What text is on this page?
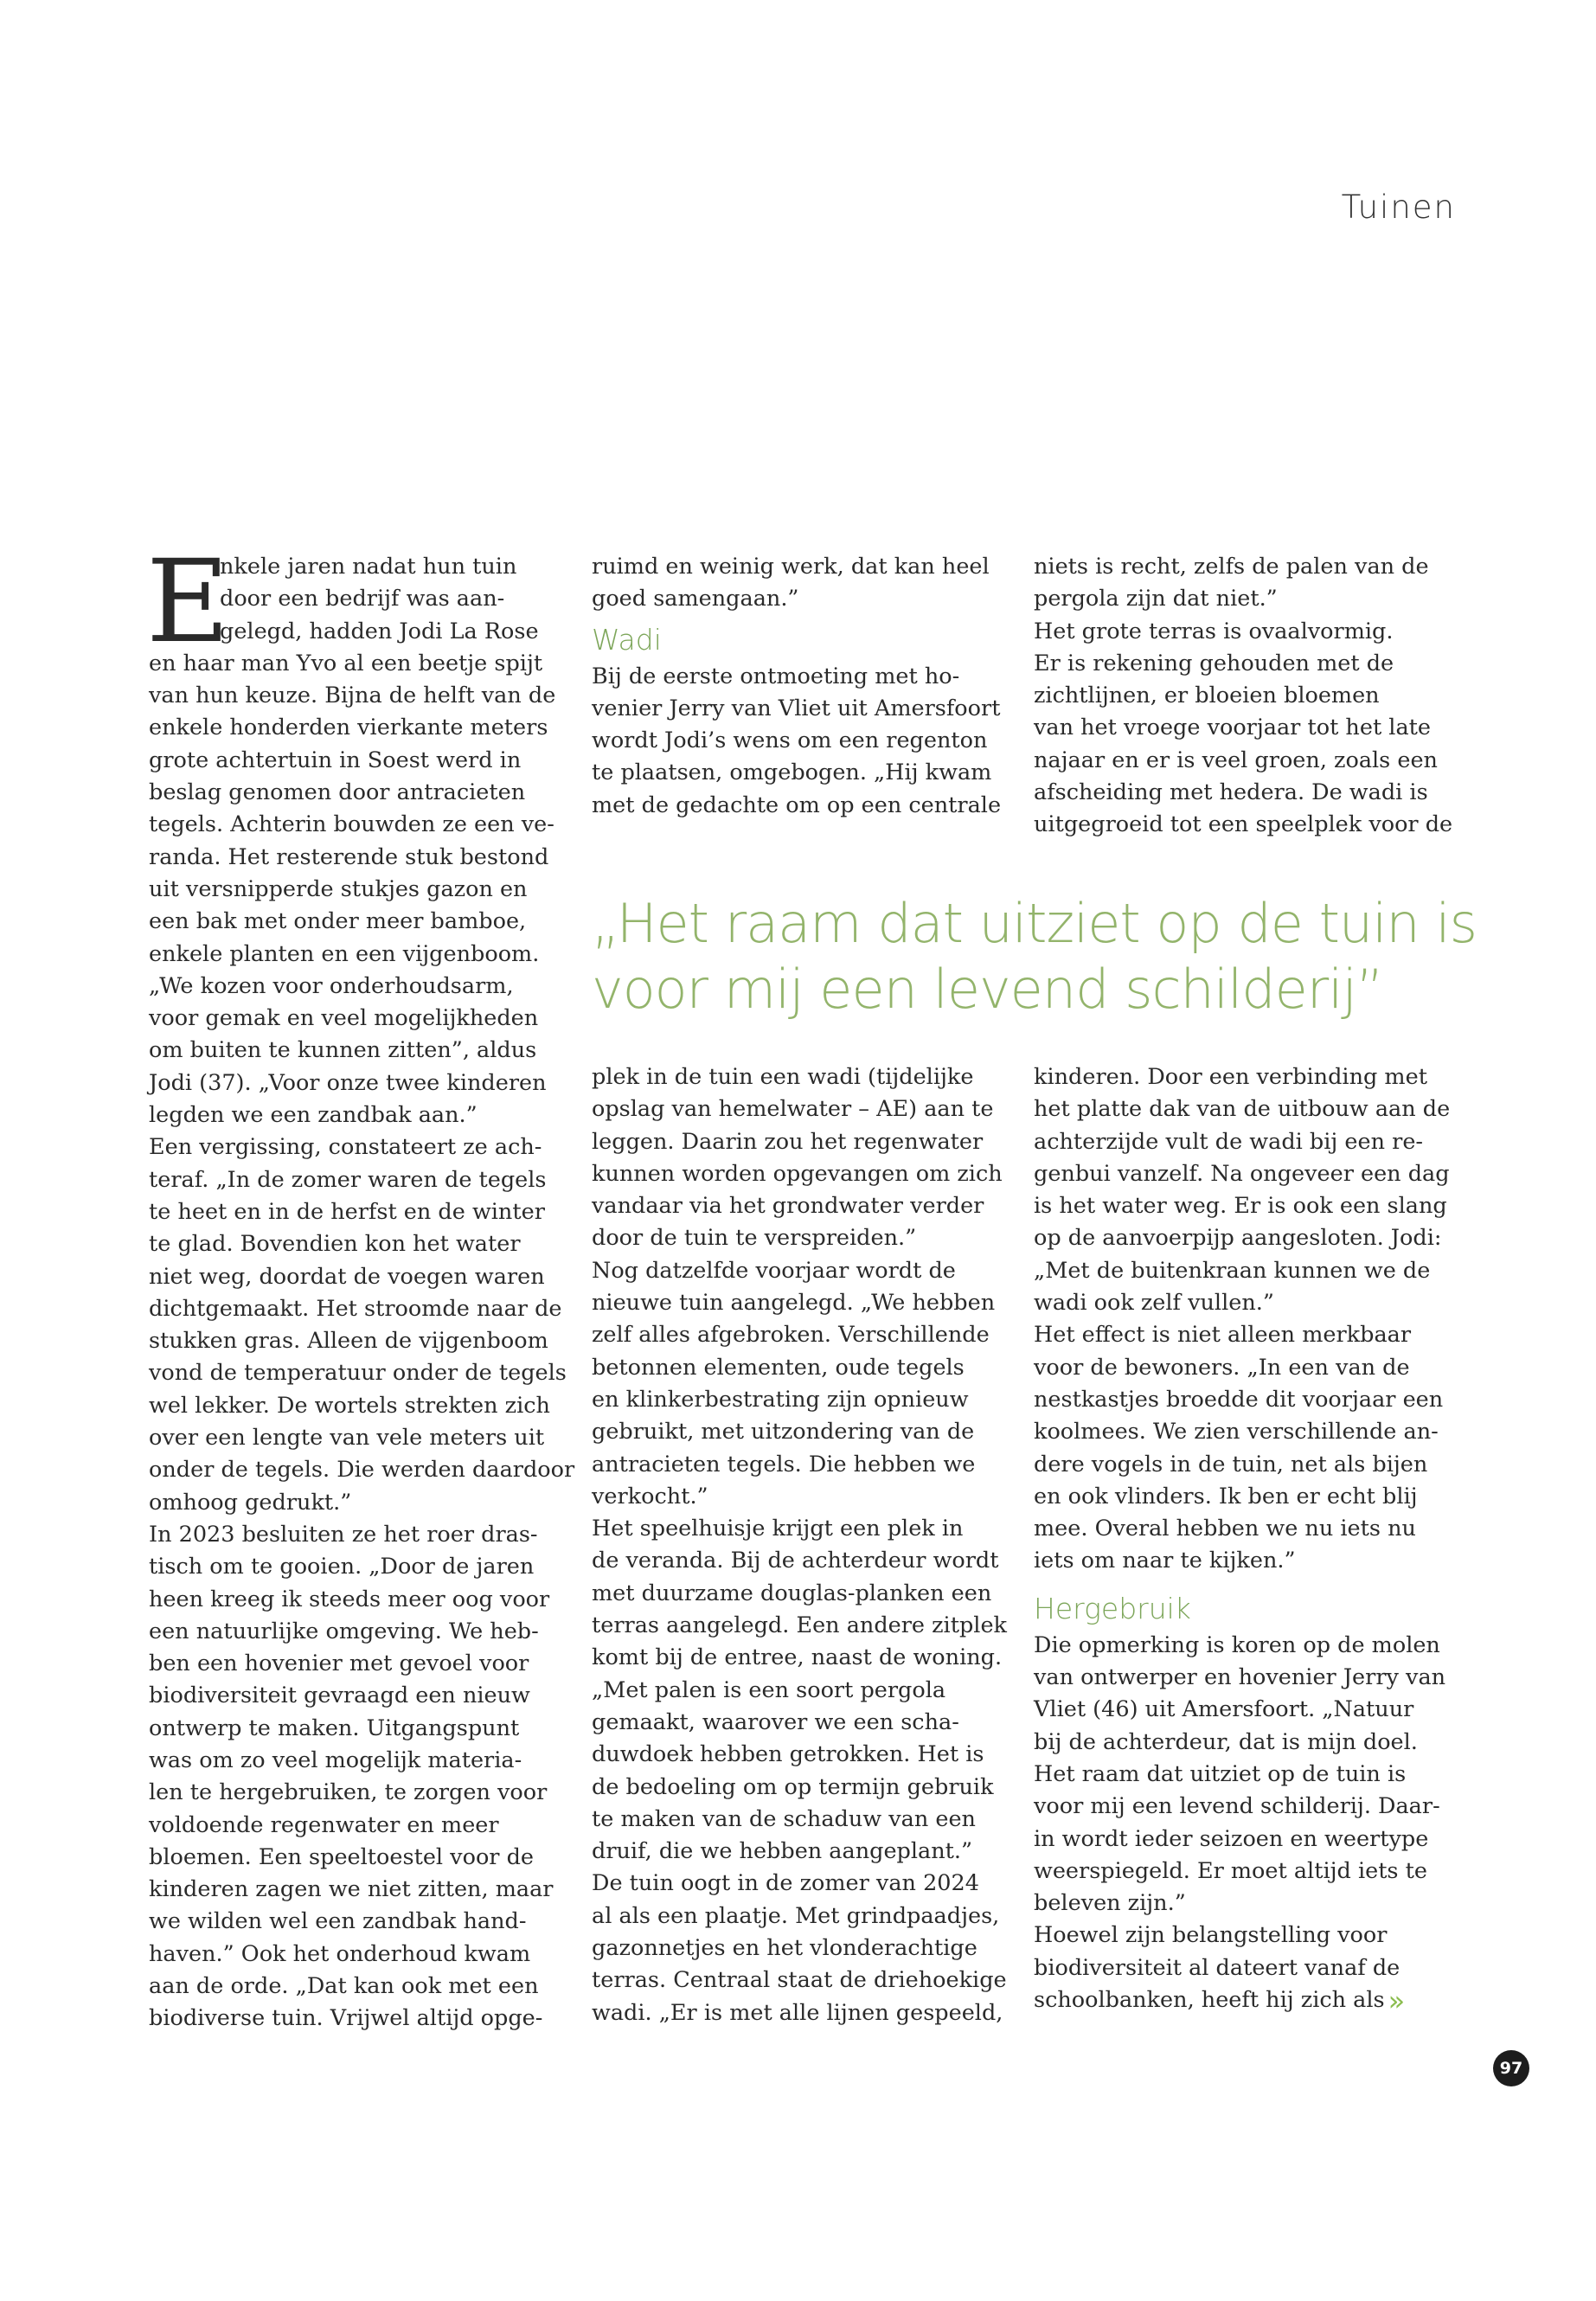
Tuinen
E
nkele jaren nadat hun tuin
door een bedrijf was aan-
gelegd, hadden Jodi La Rose
en haar man Yvo al een beetje spijt
van hun keuze. Bijna de helft van de
enkele honderden vierkante meters
grote achtertuin in Soest werd in
beslag genomen door antracieten
tegels. Achterin bouwden ze een ve-
randa. Het resterende stuk bestond
uit versnipperde stukjes gazon en
een bak met onder meer bamboe,
enkele planten en een vijgenboom.
„We kozen voor onderhoudsarm,
voor gemak en veel mogelijkheden
om buiten te kunnen zitten”, aldus
Jodi (37). „Voor onze twee kinderen
legden we een zandbak aan.”
Een vergissing, constateert ze ach-
teraf. „In de zomer waren de tegels
te heet en in de herfst en de winter
te glad. Bovendien kon het water
niet weg, doordat de voegen waren
dichtgemaakt. Het stroomde naar de
stukken gras. Alleen de vijgenboom
vond de temperatuur onder de tegels
wel lekker. De wortels strekten zich
over een lengte van vele meters uit
onder de tegels. Die werden daardoor
omhoog gedrukt.”
In 2023 besluiten ze het roer dras-
tisch om te gooien. „Door de jaren
heen kreeg ik steeds meer oog voor
een natuurlijke omgeving. We heb-
ben een hovenier met gevoel voor
biodiversiteit gevraagd een nieuw
ontwerp te maken. Uitgangspunt
was om zo veel mogelijk materia-
len te hergebruiken, te zorgen voor
voldoende regenwater en meer
bloemen. Een speeltoestel voor de
kinderen zagen we niet zitten, maar
we wilden wel een zandbak hand-
haven.” Ook het onderhoud kwam
aan de orde. „Dat kan ook met een
biodiverse tuin. Vrijwel altijd opge-
ruimd en weinig werk, dat kan heel
goed samengaan.”
Wadi
Bij de eerste ontmoeting met ho-
venier Jerry van Vliet uit Amersfoort
wordt Jodi’s wens om een regenton
te plaatsen, omgebogen. „Hij kwam
met de gedachte om op een centrale
niets is recht, zelfs de palen van de
pergola zijn dat niet.”
Het grote terras is ovaalvormig.
Er is rekening gehouden met de
zichtlijnen, er bloeien bloemen
van het vroege voorjaar tot het late
najaar en er is veel groen, zoals een
afscheiding met hedera. De wadi is
uitgegroeid tot een speelplek voor de
„Het raam dat uitziet op de tuin is
voor mij een levend schilderij”
plek in de tuin een wadi (tijdelijke
opslag van hemelwater – AE) aan te
leggen. Daarin zou het regenwater
kunnen worden opgevangen om zich
vandaar via het grondwater verder
door de tuin te verspreiden.”
Nog datzelfde voorjaar wordt de
nieuwe tuin aangelegd. „We hebben
zelf alles afgebroken. Verschillende
betonnen elementen, oude tegels
en klinkerbestrating zijn opnieuw
gebruikt, met uitzondering van de
antracieten tegels. Die hebben we
verkocht.”
Het speelhuisje krijgt een plek in
de veranda. Bij de achterdeur wordt
met duurzame douglas-planken een
terras aangelegd. Een andere zitplek
komt bij de entree, naast de woning.
„Met palen is een soort pergola
gemaakt, waarover we een scha-
duwdoek hebben getrokken. Het is
de bedoeling om op termijn gebruik
te maken van de schaduw van een
druif, die we hebben aangeplant.”
De tuin oogt in de zomer van 2024
al als een plaatje. Met grindpaadjes,
gazonnetjes en het vlonderachtige
terras. Centraal staat de driehoekige
wadi. „Er is met alle lijnen gespeeld,
kinderen. Door een verbinding met
het platte dak van de uitbouw aan de
achterzijde vult de wadi bij een re-
genbui vanzelf. Na ongeveer een dag
is het water weg. Er is ook een slang
op de aanvoerpijp aangesloten. Jodi:
„Met de buitenkraan kunnen we de
wadi ook zelf vullen.”
Het effect is niet alleen merkbaar
voor de bewoners. „In een van de
nestkastjes broedde dit voorjaar een
koolmees. We zien verschillende an-
dere vogels in de tuin, net als bijen
en ook vlinders. Ik ben er echt blij
mee. Overal hebben we nu iets nu
iets om naar te kijken.”
Hergebruik
Die opmerking is koren op de molen
van ontwerper en hovenier Jerry van
Vliet (46) uit Amersfoort. „Natuur
bij de achterdeur, dat is mijn doel.
Het raam dat uitziet op de tuin is
voor mij een levend schilderij. Daar-
in wordt ieder seizoen en weertype
weerspiegeld. Er moet altijd iets te
beleven zijn.”
Hoewel zijn belangstelling voor
biodiversiteit al dateert vanaf de
schoolbanken, heeft hij zich als »
97
